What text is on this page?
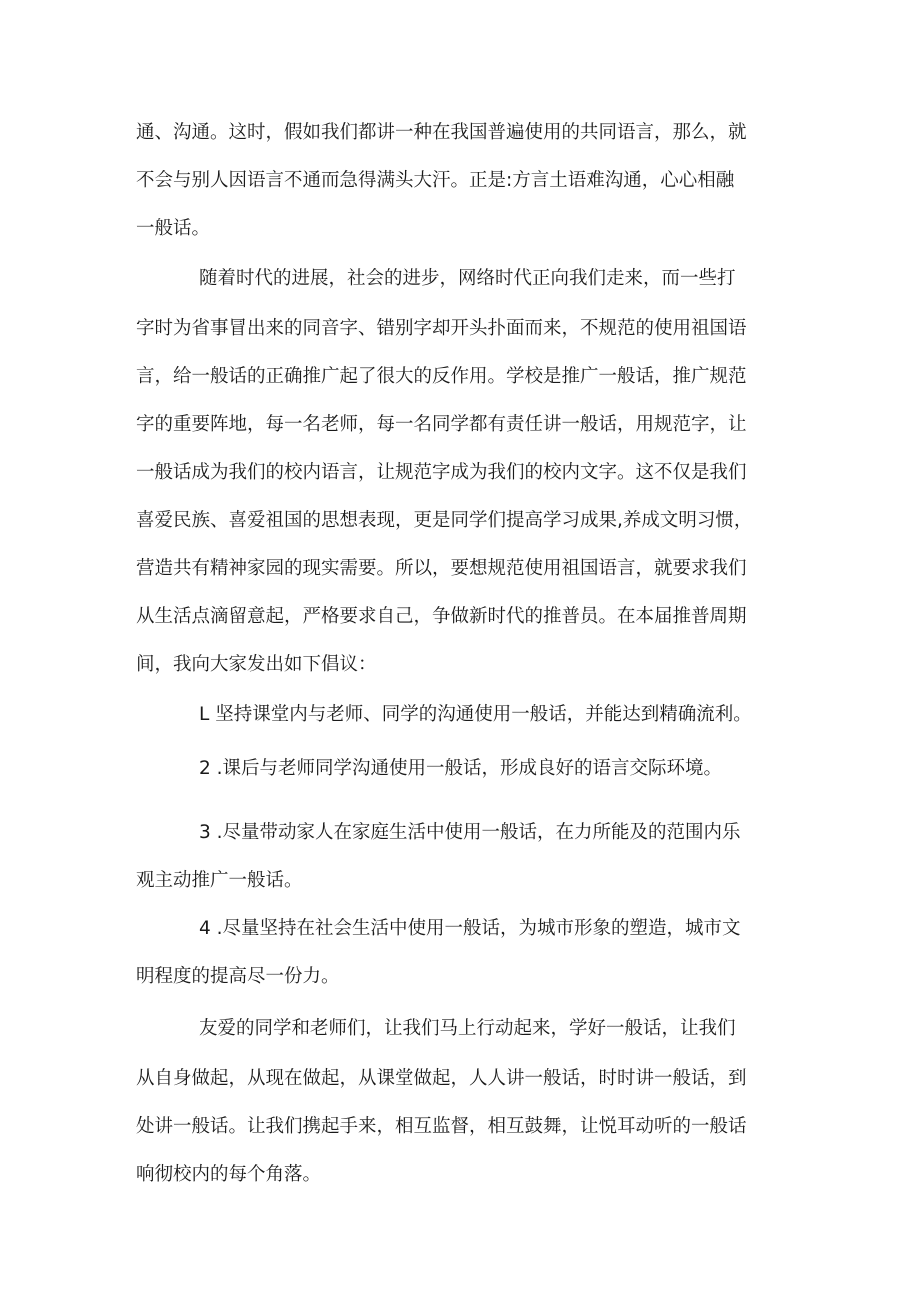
通、沟通。这时，假如我们都讲一种在我国普遍使用的共同语言，那么，就

不会与别人因语言不通而急得满头大汗。正是:方言土语难沟通，心心相融

一般话。

随着时代的进展，社会的进步，网络时代正向我们走来，而一些打

字时为省事冒出来的同音字、错别字却开头扑面而来，不规范的使用祖国语

言，给一般话的正确推广起了很大的反作用。学校是推广一般话，推广规范

字的重要阵地，每一名老师，每一名同学都有责任讲一般话，用规范字，让

一般话成为我们的校内语言，让规范字成为我们的校内文字。这不仅是我们

喜爱民族、喜爱祖国的思想表现，更是同学们提高学习成果,养成文明习惯，

营造共有精神家园的现实需要。所以，要想规范使用祖国语言，就要求我们

从生活点滴留意起，严格要求自己，争做新时代的推普员。在本届推普周期

间，我向大家发出如下倡议：

L 坚持课堂内与老师、同学的沟通使用一般话，并能达到精确流利。

2 .课后与老师同学沟通使用一般话，形成良好的语言交际环境。

3 .尽量带动家人在家庭生活中使用一般话，在力所能及的范围内乐

观主动推广一般话。

4 .尽量坚持在社会生活中使用一般话，为城市形象的塑造，城市文

明程度的提高尽一份力。

友爱的同学和老师们，让我们马上行动起来，学好一般话，让我们

从自身做起，从现在做起，从课堂做起，人人讲一般话，时时讲一般话，到

处讲一般话。让我们携起手来，相互监督，相互鼓舞，让悦耳动听的一般话

响彻校内的每个角落。
